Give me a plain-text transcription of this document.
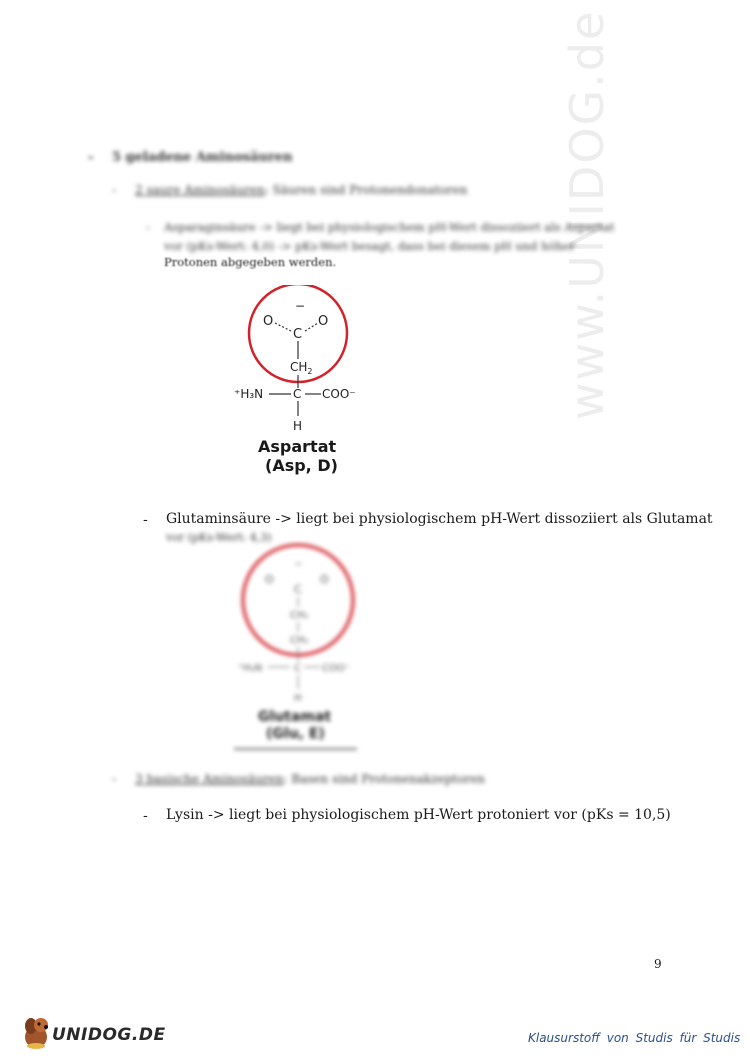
www.UNIDOG.de
- 5 geladene Aminosäuren
- 2 saure Aminosäuren: Säuren sind Protonendonatoren
- Asparaginsäure -> liegt bei physiologischem pH-Wert dissoziiert als Aspartat vor (pKs-Wert: 4,0) -> pKs-Wert besagt, dass bei diesem pH und höher
Protonen abgegeben werden.
−
O	O
C
$CH_2$
⁺H₃N C COO⁻
H
Aspartat
(Asp, D)
- Glutaminsäure -> liegt bei physiologischem pH-Wert dissoziiert als Glutamat
vor (pKs-Wert: 4,3)
−
O	O
C
CH₂
CH₂
⁺H₃N	C COO⁻
H
Glutamat
(Glu, E)
- 3 basische Aminosäuren: Basen sind Protonenakzeptoren
- Lysin -> liegt bei physiologischem pH-Wert protoniert vor (pKs = 10,5)
9
UNIDOG.DE	Klausurstoff von Studis für Studis
